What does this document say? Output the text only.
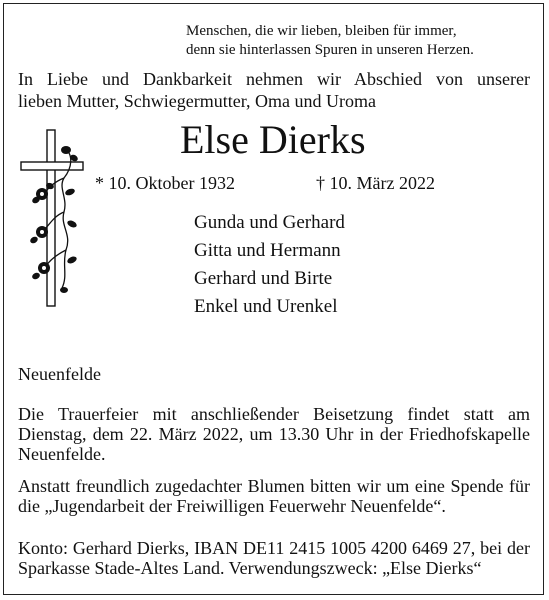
Menschen, die wir lieben, bleiben für immer,
denn sie hinterlassen Spuren in unseren Herzen.
In Liebe und Dankbarkeit nehmen wir Abschied von unserer
lieben Mutter, Schwiegermutter, Oma und Uroma
Else Dierks
* 10. Oktober 1932	† 10. März 2022
Gunda und Gerhard
Gitta und Hermann
Gerhard und Birte
Enkel und Urenkel
Neuenfelde
Die Trauerfeier mit anschließender Beisetzung findet statt am Dienstag, dem 22. März 2022, um 13.30 Uhr in der Friedhofskapelle Neuenfelde.
Anstatt freundlich zugedachter Blumen bitten wir um eine Spende für die „Jugendarbeit der Freiwilligen Feuerwehr Neuenfelde“.
Konto: Gerhard Dierks, IBAN DE11 2415 1005 4200 6469 27, bei der Sparkasse Stade-Altes Land. Verwendungszweck: „Else Dierks“
